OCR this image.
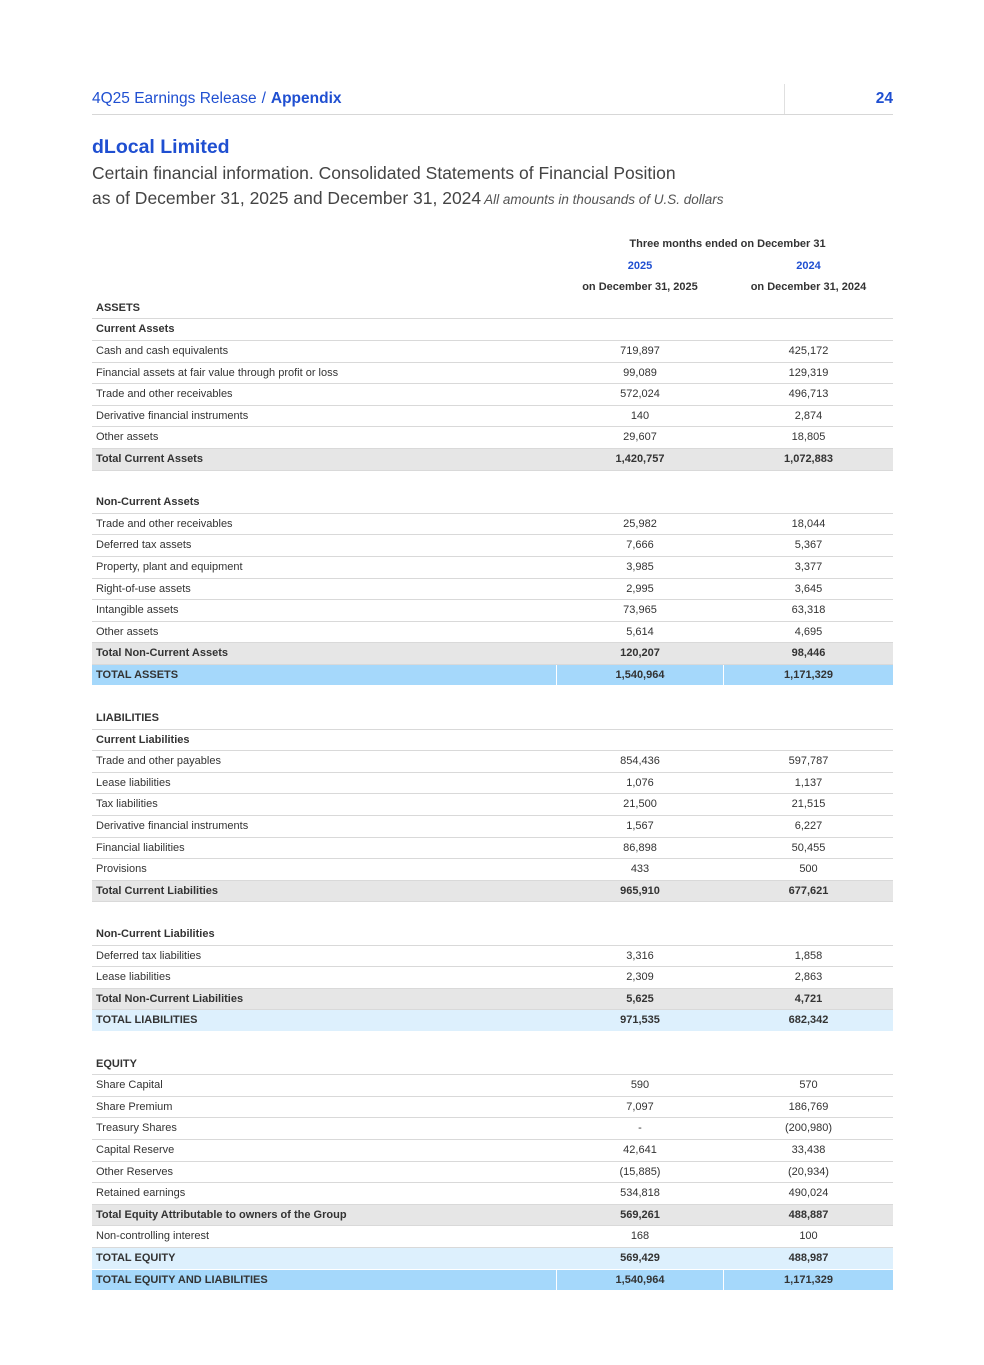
4Q25 Earnings Release / Appendix	24
dLocal Limited
Certain financial information. Consolidated Statements of Financial Position
as of December 31, 2025 and December 31, 2024 All amounts in thousands of U.S. dollars
Three months ended on December 31
2025	2024
on December 31, 2025	on December 31, 2024
ASSETS
Current Assets
Cash and cash equivalents	719,897	425,172
Financial assets at fair value through profit or loss	99,089	129,319
Trade and other receivables	572,024	496,713
Derivative financial instruments	140	2,874
Other assets	29,607	18,805
Total Current Assets	1,420,757	1,072,883
Non-Current Assets
Trade and other receivables	25,982	18,044
Deferred tax assets	7,666	5,367
Property, plant and equipment	3,985	3,377
Right-of-use assets	2,995	3,645
Intangible assets	73,965	63,318
Other assets	5,614	4,695
Total Non-Current Assets	120,207	98,446
TOTAL ASSETS	1,540,964	1,171,329
LIABILITIES
Current Liabilities
Trade and other payables	854,436	597,787
Lease liabilities	1,076	1,137
Tax liabilities	21,500	21,515
Derivative financial instruments	1,567	6,227
Financial liabilities	86,898	50,455
Provisions	433	500
Total Current Liabilities	965,910	677,621
Non-Current Liabilities
Deferred tax liabilities	3,316	1,858
Lease liabilities	2,309	2,863
Total Non-Current Liabilities	5,625	4,721
TOTAL LIABILITIES	971,535	682,342
EQUITY
Share Capital	590	570
Share Premium	7,097	186,769
Treasury Shares	-	(200,980)
Capital Reserve	42,641	33,438
Other Reserves	(15,885)	(20,934)
Retained earnings	534,818	490,024
Total Equity Attributable to owners of the Group	569,261	488,887
Non-controlling interest	168	100
TOTAL EQUITY	569,429	488,987
TOTAL EQUITY AND LIABILITIES	1,540,964	1,171,329
